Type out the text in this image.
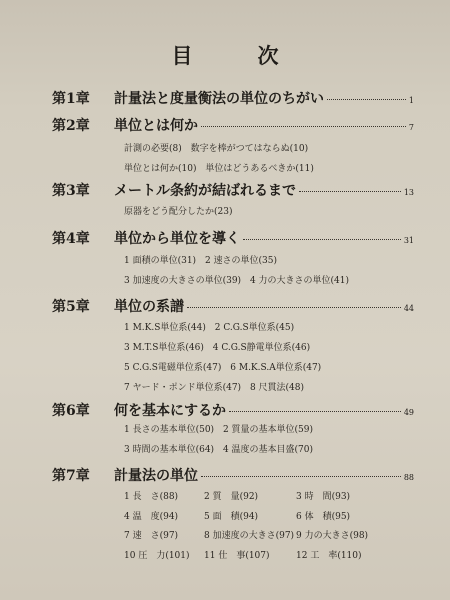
目　次
第1章	計量法と度量衡法の単位のちがい	1
第2章	単位とは何か	7
計測の必要(8) 数字を棒がつてはならぬ(10)
単位とは何か(10) 単位はどうあるべきか(11)
第3章	メートル条約が結ばれるまで	13
原器をどう配分したか(23)
第4章	単位から単位を導く	31
1 面積の単位(31) 2 速さの単位(35)
3 加速度の大きさの単位(39) 4 力の大きさの単位(41)
第5章	単位の系譜	44
1 M.K.S単位系(44) 2 C.G.S単位系(45)
3 M.T.S単位系(46) 4 C.G.S静電単位系(46)
5 C.G.S電磁単位系(47) 6 M.K.S.A単位系(47)
7 ヤード・ポンド単位系(47) 8 尺貫法(48)
第6章	何を基本にするか	49
1 長さの基本単位(50) 2 質量の基本単位(59)
3 時間の基本単位(64) 4 温度の基本目盛(70)
第7章	計量法の単位	88
1 長　さ(88)	2 質　量(92)	3 時　間(93)
4 温　度(94)	5 面　積(94)	6 体　積(95)
7 速　さ(97)	8 加速度の大きさ(97) 9 力の大きさ(98)
10 圧　力(101)	11 仕　事(107)	12 工　率(110)
